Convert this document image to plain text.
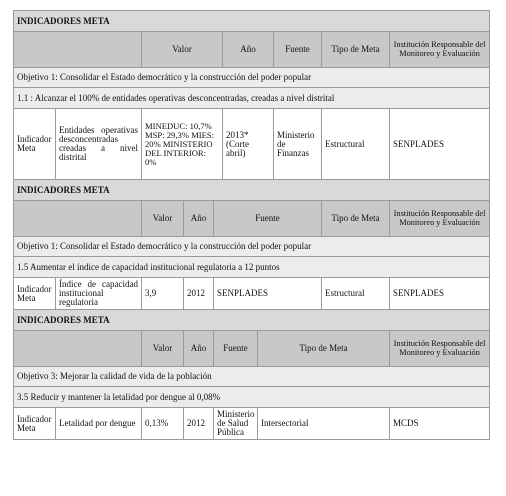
INDICADORES META						
		Valor	Año	Fuente	Tipo de Meta	Institución Responsable del Monitoreo y Evaluación
Objetivo 1: Consolidar el Estado democrático y la construcción del poder popular						
1.1 : Alcanzar el 100% de entidades operativas desconcentradas, creadas a nivel distrital						
Indicador Meta	Entidades operativas desconcentradas creadas a nivel distrital	MINEDUC: 10,7% MSP: 29,3% MIES: 20% MINISTERIO DEL INTERIOR: 0%	2013* (Corte abril)	Ministerio de Finanzas	Estructural	SENPLADES
INDICADORES META						
		Valor	Año	Fuente	Tipo de Meta	Institución Responsable del Monitoreo y Evaluación
Objetivo 1: Consolidar el Estado democrático y la construcción del poder popular						
1.5 Aumentar el índice de capacidad institucional regulatoria a 12 puntos						
Indicador Meta	Índice de capacidad institucional regulatoria	3,9	2012	SENPLADES	Estructural	SENPLADES
INDICADORES META						
		Valor	Año	Fuente	Tipo de Meta	Institución Responsable del Monitoreo y Evaluación
Objetivo 3: Mejorar la calidad de vida de la población						
3.5 Reducir y mantener la letalidad por dengue al 0,08%						
Indicador Meta	Letalidad por dengue	0,13%	2012	Ministerio de Salud Pública	Intersectorial	MCDS
